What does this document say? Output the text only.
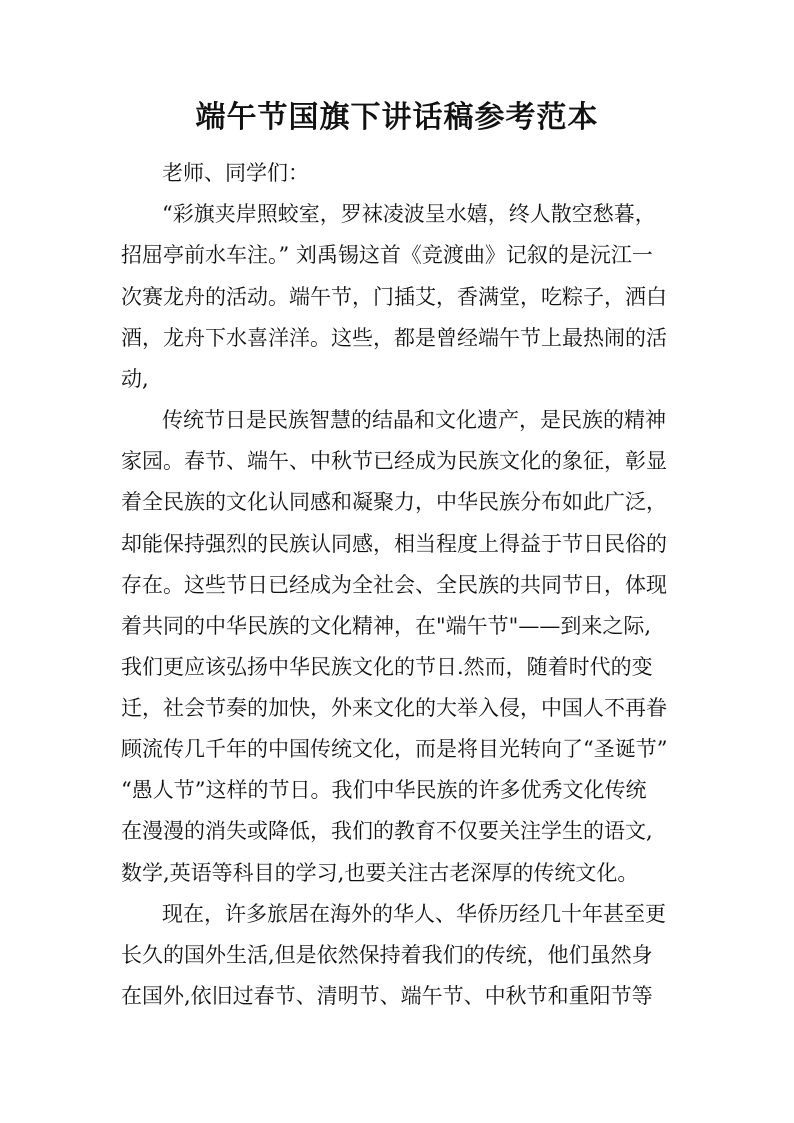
端午节国旗下讲话稿参考范本
老师、同学们：
“彩旗夹岸照蛟室，罗袜凌波呈水嬉，终人散空愁暮，
招屈亭前水车注。” 刘禹锡这首《竞渡曲》记叙的是沅江一
次赛龙舟的活动。端午节，门插艾，香满堂，吃粽子，洒白
酒，龙舟下水喜洋洋。这些，都是曾经端午节上最热闹的活
动,
传统节日是民族智慧的结晶和文化遗产，是民族的精神
家园。春节、端午、中秋节已经成为民族文化的象征，彰显
着全民族的文化认同感和凝聚力，中华民族分布如此广泛，
却能保持强烈的民族认同感，相当程度上得益于节日民俗的
存在。这些节日已经成为全社会、全民族的共同节日，体现
着共同的中华民族的文化精神，在"端午节"——到来之际,
我们更应该弘扬中华民族文化的节日.然而，随着时代的变
迁，社会节奏的加快，外来文化的大举入侵，中国人不再眷
顾流传几千年的中国传统文化，而是将目光转向了“圣诞节”
“愚人节”这样的节日。我们中华民族的许多优秀文化传统
在漫漫的消失或降低，我们的教育不仅要关注学生的语文,
数学,英语等科目的学习,也要关注古老深厚的传统文化。
现在，许多旅居在海外的华人、华侨历经几十年甚至更
长久的国外生活,但是依然保持着我们的传统，他们虽然身
在国外,依旧过春节、清明节、端午节、中秋节和重阳节等
